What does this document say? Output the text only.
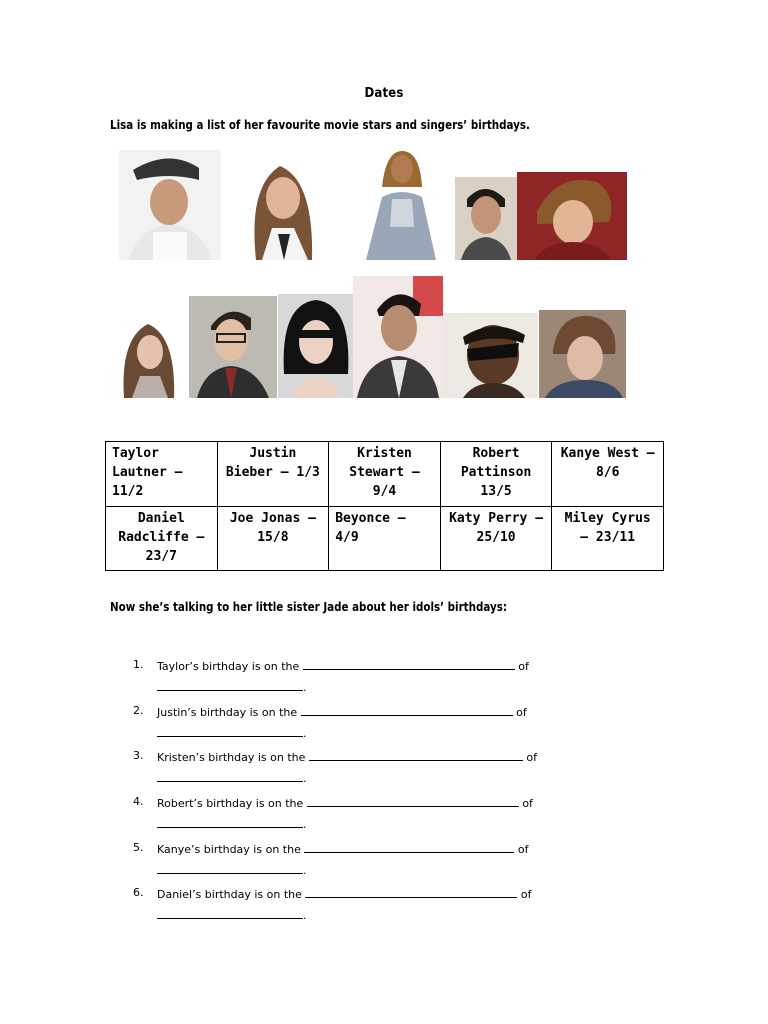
Dates
Lisa is making a list of her favourite movie stars and singers’ birthdays.
Taylor Lautner – 11/2	Justin Bieber – 1/3	Kristen Stewart – 9/4	Robert Pattinson 13/5	Kanye West – 8/6
Daniel Radcliffe – 23/7	Joe Jonas – 15/8	Beyonce – 4/9	Katy Perry – 25/10	Miley Cyrus – 23/11
Now she’s talking to her little sister Jade about her idols’ birthdays:
1. Taylor’s birthday is on the	of
.
2. Justin’s birthday is on the	of
.
3. Kristen’s birthday is on the	of
.
4. Robert’s birthday is on the	of
.
5. Kanye’s birthday is on the	of
.
6. Daniel’s birthday is on the	of
.
